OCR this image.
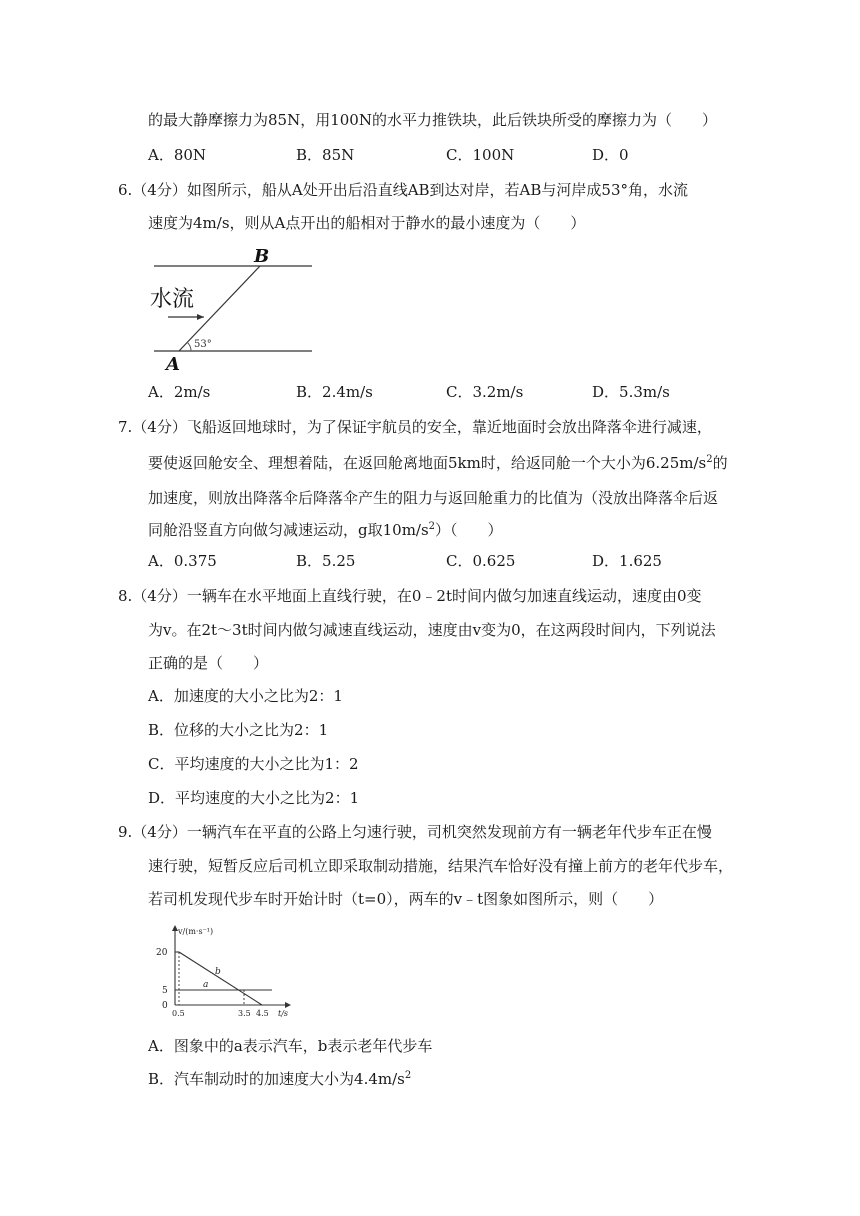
的最大静摩擦力为85N，用100N的水平力推铁块，此后铁块所受的摩擦力为（　　）
A．80N	B．85N	C．100N	D．0
6.（4分）如图所示，船从A处开出后沿直线AB到达对岸，若AB与河岸成53°角，水流
速度为4m/s，则从A点开出的船相对于静水的最小速度为（　　）
B
水流
53°
A
A．2m/s	B．2.4m/s	C．3.2m/s	D．5.3m/s
7.（4分）飞船返回地球时，为了保证宇航员的安全，靠近地面时会放出降落伞进行减速，
要使返回舱安全、理想着陆，在返回舱离地面5km时，给返同舱一个大小为$6.25m/s^2$的
加速度，则放出降落伞后降落伞产生的阻力与返回舱重力的比值为（没放出降落伞后返
同舱沿竖直方向做匀减速运动，g取$10m/s^2$）（　　）
A．0.375	B．5.25	C．0.625	D．1.625
8.（4分）一辆车在水平地面上直线行驶，在0﹣2t时间内做匀加速直线运动，速度由0变
为v。在2t～3t时间内做匀减速直线运动，速度由v变为0，在这两段时间内，下列说法
正确的是（　　）
A．加速度的大小之比为2：1
B．位移的大小之比为2：1
C．平均速度的大小之比为1：2
D．平均速度的大小之比为2：1
9.（4分）一辆汽车在平直的公路上匀速行驶，司机突然发现前方有一辆老年代步车正在慢
速行驶，短暂反应后司机立即采取制动措施，结果汽车恰好没有撞上前方的老年代步车，
若司机发现代步车时开始计时（t=0），两车的v﹣t图象如图所示，则（　　）
v/(m·s⁻¹)
t/s
20
5
0
b
a
0.5	3.5 4.5
A．图象中的a表示汽车，b表示老年代步车
B．汽车制动时的加速度大小为$4.4m/s^2$
